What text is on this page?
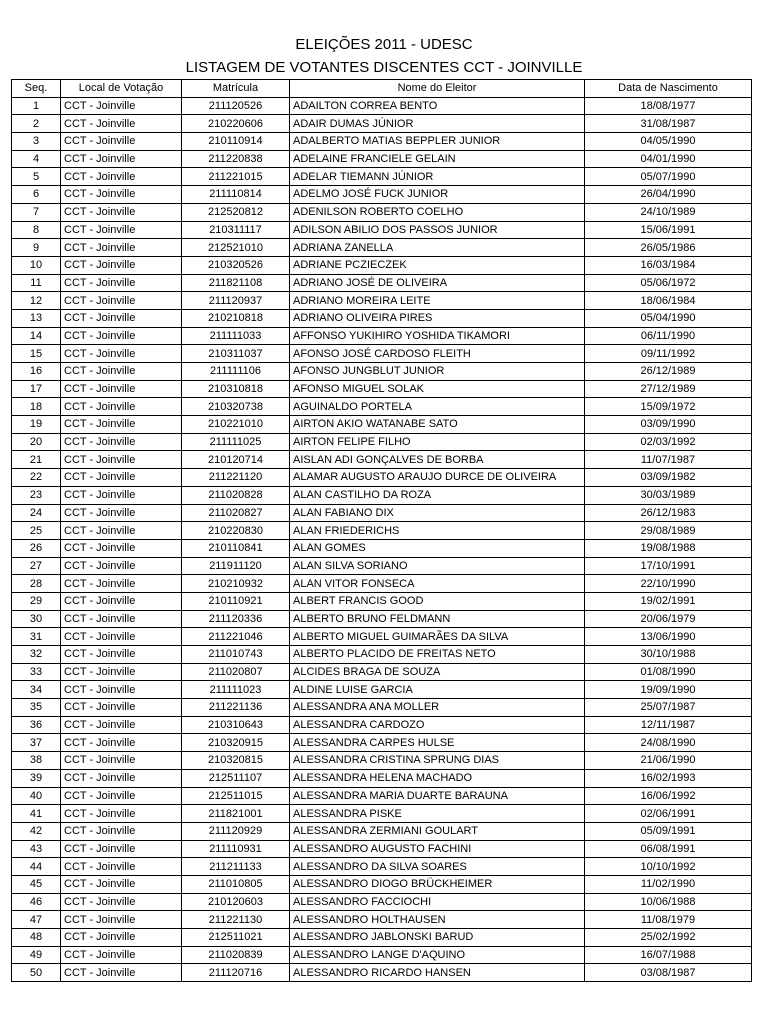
ELEIÇÕES 2011 - UDESC
LISTAGEM DE VOTANTES DISCENTES CCT - JOINVILLE
Seq.	Local de Votação	Matrícula	Nome do Eleitor	Data de Nascimento
1	CCT - Joinville	211120526	ADAILTON CORREA BENTO	18/08/1977
2	CCT - Joinville	210220606	ADAIR DUMAS JÚNIOR	31/08/1987
3	CCT - Joinville	210110914	ADALBERTO MATIAS BEPPLER JUNIOR	04/05/1990
4	CCT - Joinville	211220838	ADELAINE FRANCIELE GELAIN	04/01/1990
5	CCT - Joinville	211221015	ADELAR TIEMANN JÚNIOR	05/07/1990
6	CCT - Joinville	211110814	ADELMO JOSÉ FUCK JUNIOR	26/04/1990
7	CCT - Joinville	212520812	ADENILSON ROBERTO COELHO	24/10/1989
8	CCT - Joinville	210311117	ADILSON ABILIO DOS PASSOS JUNIOR	15/06/1991
9	CCT - Joinville	212521010	ADRIANA ZANELLA	26/05/1986
10	CCT - Joinville	210320526	ADRIANE PCZIECZEK	16/03/1984
11	CCT - Joinville	211821108	ADRIANO JOSÉ DE OLIVEIRA	05/06/1972
12	CCT - Joinville	211120937	ADRIANO MOREIRA LEITE	18/06/1984
13	CCT - Joinville	210210818	ADRIANO OLIVEIRA PIRES	05/04/1990
14	CCT - Joinville	211111033	AFFONSO YUKIHIRO YOSHIDA TIKAMORI	06/11/1990
15	CCT - Joinville	210311037	AFONSO JOSÉ CARDOSO FLEITH	09/11/1992
16	CCT - Joinville	211111106	AFONSO JUNGBLUT JUNIOR	26/12/1989
17	CCT - Joinville	210310818	AFONSO MIGUEL SOLAK	27/12/1989
18	CCT - Joinville	210320738	AGUINALDO PORTELA	15/09/1972
19	CCT - Joinville	210221010	AIRTON AKIO WATANABE SATO	03/09/1990
20	CCT - Joinville	211111025	AIRTON FELIPE FILHO	02/03/1992
21	CCT - Joinville	210120714	AISLAN ADI GONÇALVES DE BORBA	11/07/1987
22	CCT - Joinville	211221120	ALAMAR AUGUSTO ARAUJO DURCE DE OLIVEIRA	03/09/1982
23	CCT - Joinville	211020828	ALAN CASTILHO DA ROZA	30/03/1989
24	CCT - Joinville	211020827	ALAN FABIANO DIX	26/12/1983
25	CCT - Joinville	210220830	ALAN FRIEDERICHS	29/08/1989
26	CCT - Joinville	210110841	ALAN GOMES	19/08/1988
27	CCT - Joinville	211911120	ALAN SILVA SORIANO	17/10/1991
28	CCT - Joinville	210210932	ALAN VITOR FONSECA	22/10/1990
29	CCT - Joinville	210110921	ALBERT FRANCIS GOOD	19/02/1991
30	CCT - Joinville	211120336	ALBERTO BRUNO FELDMANN	20/06/1979
31	CCT - Joinville	211221046	ALBERTO MIGUEL GUIMARÃES DA SILVA	13/06/1990
32	CCT - Joinville	211010743	ALBERTO PLACIDO DE FREITAS NETO	30/10/1988
33	CCT - Joinville	211020807	ALCIDES BRAGA DE SOUZA	01/08/1990
34	CCT - Joinville	211111023	ALDINE LUISE GARCIA	19/09/1990
35	CCT - Joinville	211221136	ALESSANDRA ANA MOLLER	25/07/1987
36	CCT - Joinville	210310643	ALESSANDRA CARDOZO	12/11/1987
37	CCT - Joinville	210320915	ALESSANDRA CARPES HULSE	24/08/1990
38	CCT - Joinville	210320815	ALESSANDRA CRISTINA SPRUNG DIAS	21/06/1990
39	CCT - Joinville	212511107	ALESSANDRA HELENA MACHADO	16/02/1993
40	CCT - Joinville	212511015	ALESSANDRA MARIA DUARTE BARAUNA	16/06/1992
41	CCT - Joinville	211821001	ALESSANDRA PISKE	02/06/1991
42	CCT - Joinville	211120929	ALESSANDRA ZERMIANI GOULART	05/09/1991
43	CCT - Joinville	211110931	ALESSANDRO AUGUSTO FACHINI	06/08/1991
44	CCT - Joinville	211211133	ALESSANDRO DA SILVA SOARES	10/10/1992
45	CCT - Joinville	211010805	ALESSANDRO DIOGO BRÜCKHEIMER	11/02/1990
46	CCT - Joinville	210120603	ALESSANDRO FACCIOCHI	10/06/1988
47	CCT - Joinville	211221130	ALESSANDRO HOLTHAUSEN	11/08/1979
48	CCT - Joinville	212511021	ALESSANDRO JABLONSKI BARUD	25/02/1992
49	CCT - Joinville	211020839	ALESSANDRO LANGE D'AQUINO	16/07/1988
50	CCT - Joinville	211120716	ALESSANDRO RICARDO HANSEN	03/08/1987
